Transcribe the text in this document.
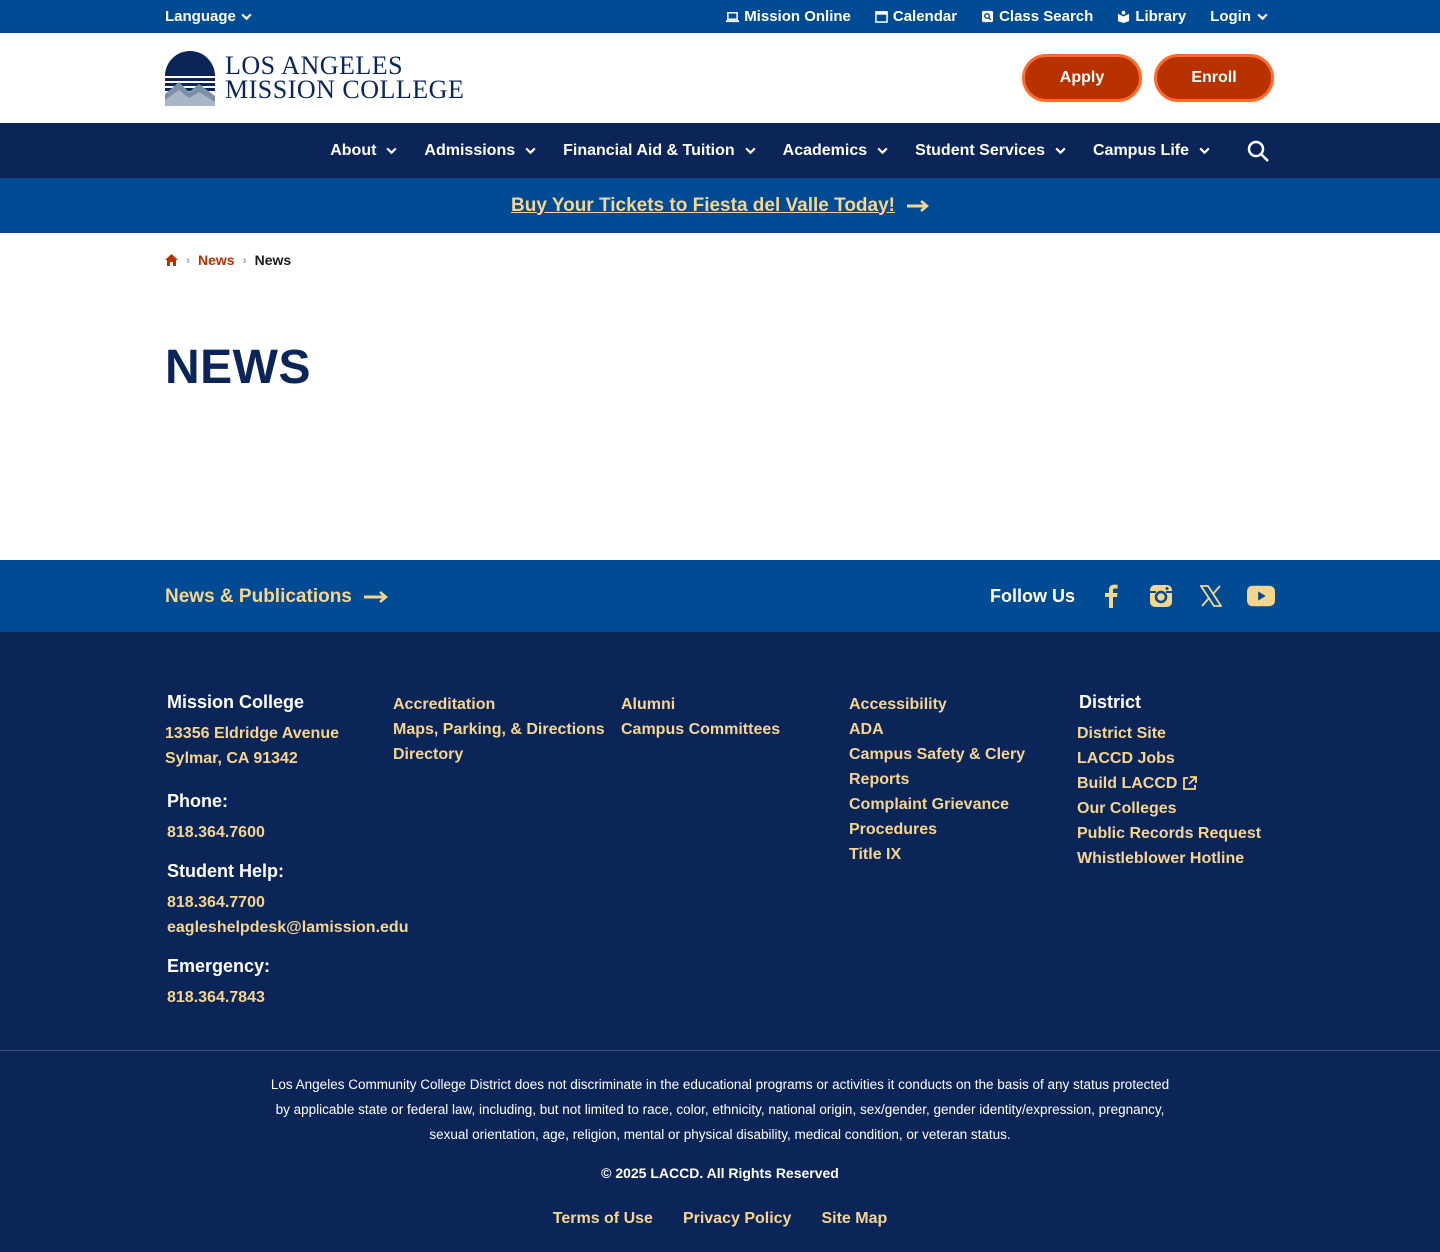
Language	Mission Online	Calendar	Class Search	Library Login
LOS ANGELES
MISSION COLLEGE	Apply	Enroll
About	Admissions	Financial Aid & Tuition	Academics	Student Services	Campus Life
Buy Your Tickets to Fiesta del Valle Today!
› News › News
NEWS
News & Publications	Follow Us
Mission College
13356 Eldridge Avenue
Sylmar, CA 91342
Phone:
818.364.7600
Student Help:
818.364.7700
eagleshelpdesk@lamission.edu
Emergency:
818.364.7843
Accreditation
Maps, Parking, & Directions
Directory
Alumni
Campus Committees
Accessibility
ADA
Campus Safety & Clery
Reports
Complaint Grievance
Procedures
Title IX
District
District Site
LACCD Jobs
Build LACCD
Our Colleges
Public Records Request
Whistleblower Hotline
Los Angeles Community College District does not discriminate in the educational programs or activities it conducts on the basis of any status protected
by applicable state or federal law, including, but not limited to race, color, ethnicity, national origin, sex/gender, gender identity/expression, pregnancy,
sexual orientation, age, religion, mental or physical disability, medical condition, or veteran status.
© 2025 LACCD. All Rights Reserved
Terms of Use Privacy Policy Site Map
